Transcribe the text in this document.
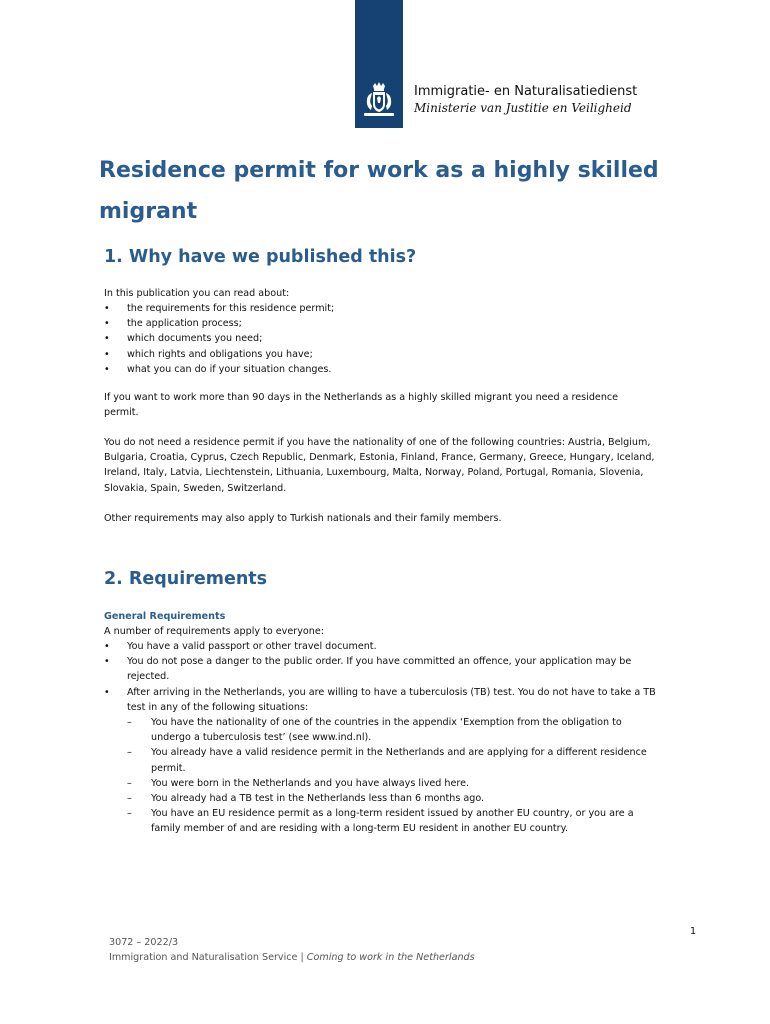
Immigratie- en Naturalisatiedienst
Ministerie van Justitie en Veiligheid
Residence permit for work as a highly skilled migrant
1. Why have we published this?

In this publication you can read about:

• the requirements for this residence permit;
• the application process;
• which documents you need;
• which rights and obligations you have;
• what you can do if your situation changes.

If you want to work more than 90 days in the Netherlands as a highly skilled migrant you need a residence permit.

You do not need a residence permit if you have the nationality of one of the following countries: Austria, Belgium, Bulgaria, Croatia, Cyprus, Czech Republic, Denmark, Estonia, Finland, France, Germany, Greece, Hungary, Iceland, Ireland, Italy, Latvia, Liechtenstein, Lithuania, Luxembourg, Malta, Norway, Poland, Portugal, Romania, Slovenia, Slovakia, Spain, Sweden, Switzerland.

Other requirements may also apply to Turkish nationals and their family members.

2. Requirements

General Requirements

A number of requirements apply to everyone:

• You have a valid passport or other travel document.
• You do not pose a danger to the public order. If you have committed an offence, your application may be rejected.
• After arriving in the Netherlands, you are willing to have a tuberculosis (TB) test. You do not have to take a TB test in any of the following situations:
– You have the nationality of one of the countries in the appendix ‘Exemption from the obligation to undergo a tuberculosis test’ (see www.ind.nl).
– You already have a valid residence permit in the Netherlands and are applying for a different residence permit.
– You were born in the Netherlands and you have always lived here.
– You already had a TB test in the Netherlands less than 6 months ago.
– You have an EU residence permit as a long-term resident issued by another EU country, or you are a family member of and are residing with a long-term EU resident in another EU country.
1
3072 – 2022/3
Immigration and Naturalisation Service | Coming to work in the Netherlands
